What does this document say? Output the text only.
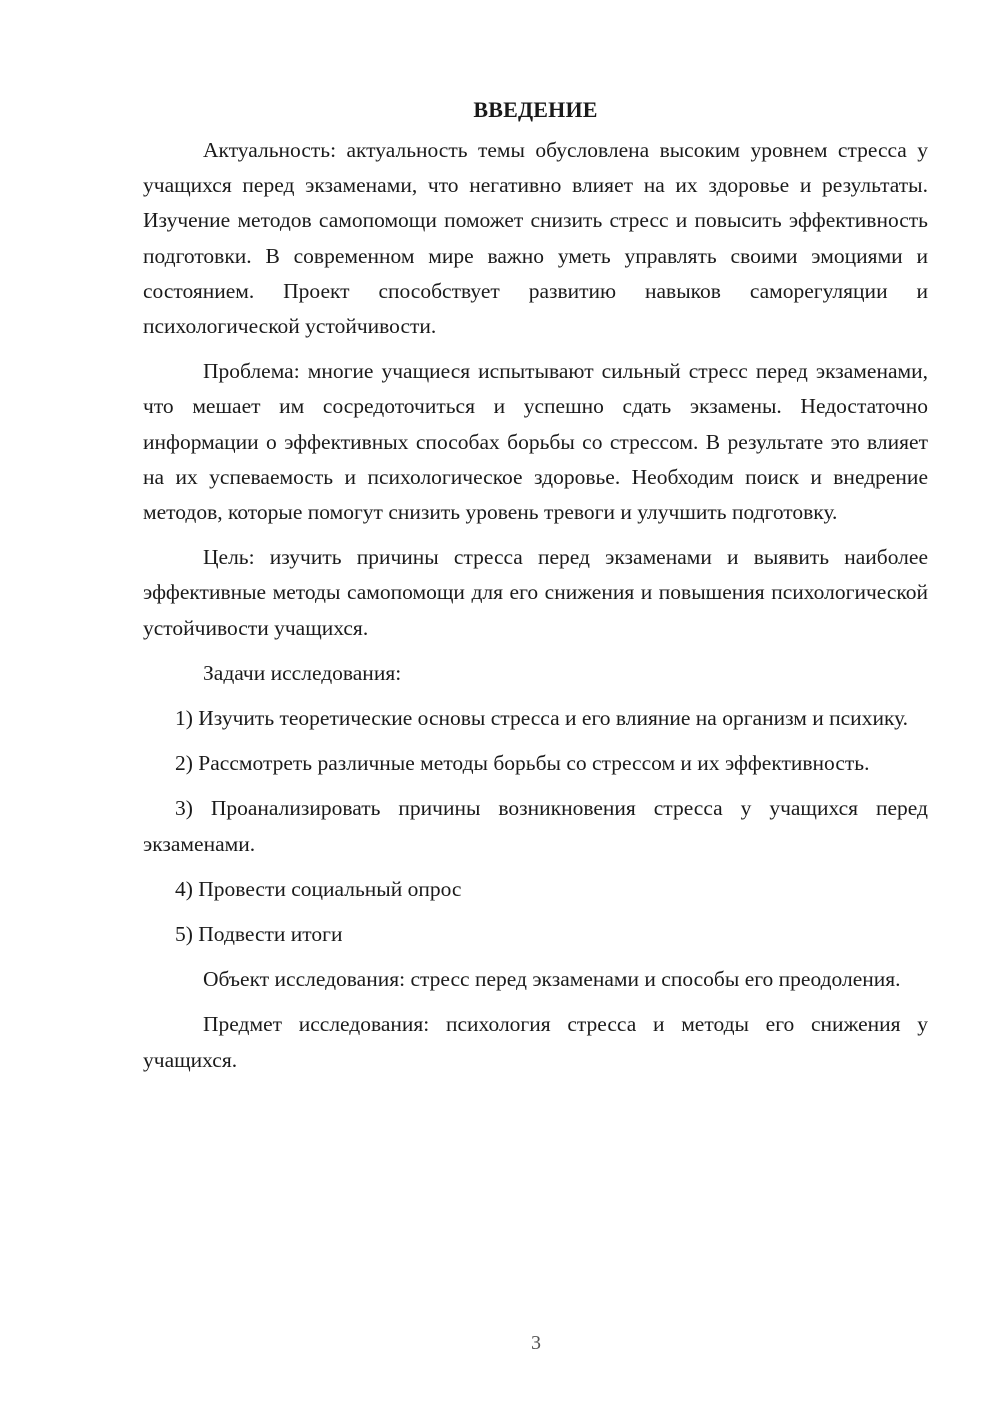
ВВЕДЕНИЕ

Актуальность: актуальность темы обусловлена высоким уровнем стресса у учащихся перед экзаменами, что негативно влияет на их здоровье и результаты. Изучение методов самопомощи поможет снизить стресс и повысить эффективность подготовки. В современном мире важно уметь управлять своими эмоциями и состоянием. Проект способствует развитию навыков саморегуляции и психологической устойчивости.

Проблема: многие учащиеся испытывают сильный стресс перед экзаменами, что мешает им сосредоточиться и успешно сдать экзамены. Недостаточно информации о эффективных способах борьбы со стрессом. В результате это влияет на их успеваемость и психологическое здоровье. Необходим поиск и внедрение методов, которые помогут снизить уровень тревоги и улучшить подготовку.

Цель: изучить причины стресса перед экзаменами и выявить наиболее эффективные методы самопомощи для его снижения и повышения психологической устойчивости учащихся.

Задачи исследования:

1) Изучить теоретические основы стресса и его влияние на организм и психику.

2) Рассмотреть различные методы борьбы со стрессом и их эффективность.

3) Проанализировать причины возникновения стресса у учащихся перед экзаменами.

4) Провести социальный опрос

5) Подвести итоги

Объект исследования: стресс перед экзаменами и способы его преодоления.

Предмет исследования: психология стресса и методы его снижения у учащихся.

3
